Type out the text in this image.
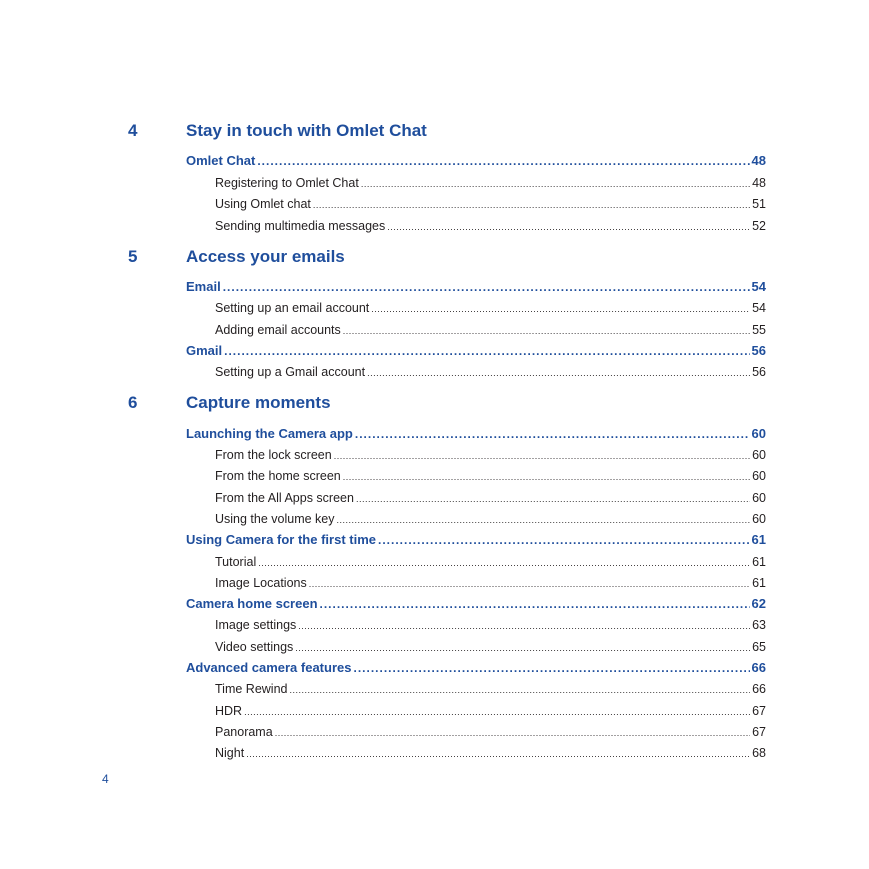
4	Stay in touch with Omlet Chat
Omlet Chat .....	48
Registering to Omlet Chat .....	48
Using Omlet chat .....	51
Sending multimedia messages .....	52
5	Access your emails
Email .....	54
Setting up an email account .....	54
Adding email accounts .....	55
Gmail .....	56
Setting up a Gmail account .....	56
6	Capture moments
Launching the Camera app .....	60
From the lock screen .....	60
From the home screen .....	60
From the All Apps screen .....	60
Using the volume key .....	60
Using Camera for the first time .....	61
Tutorial .....	61
Image Locations .....	61
Camera home screen .....	62
Image settings .....	63
Video settings .....	65
Advanced camera features .....	66
Time Rewind .....	66
HDR .....	67
Panorama .....	67
Night .....	68
4
